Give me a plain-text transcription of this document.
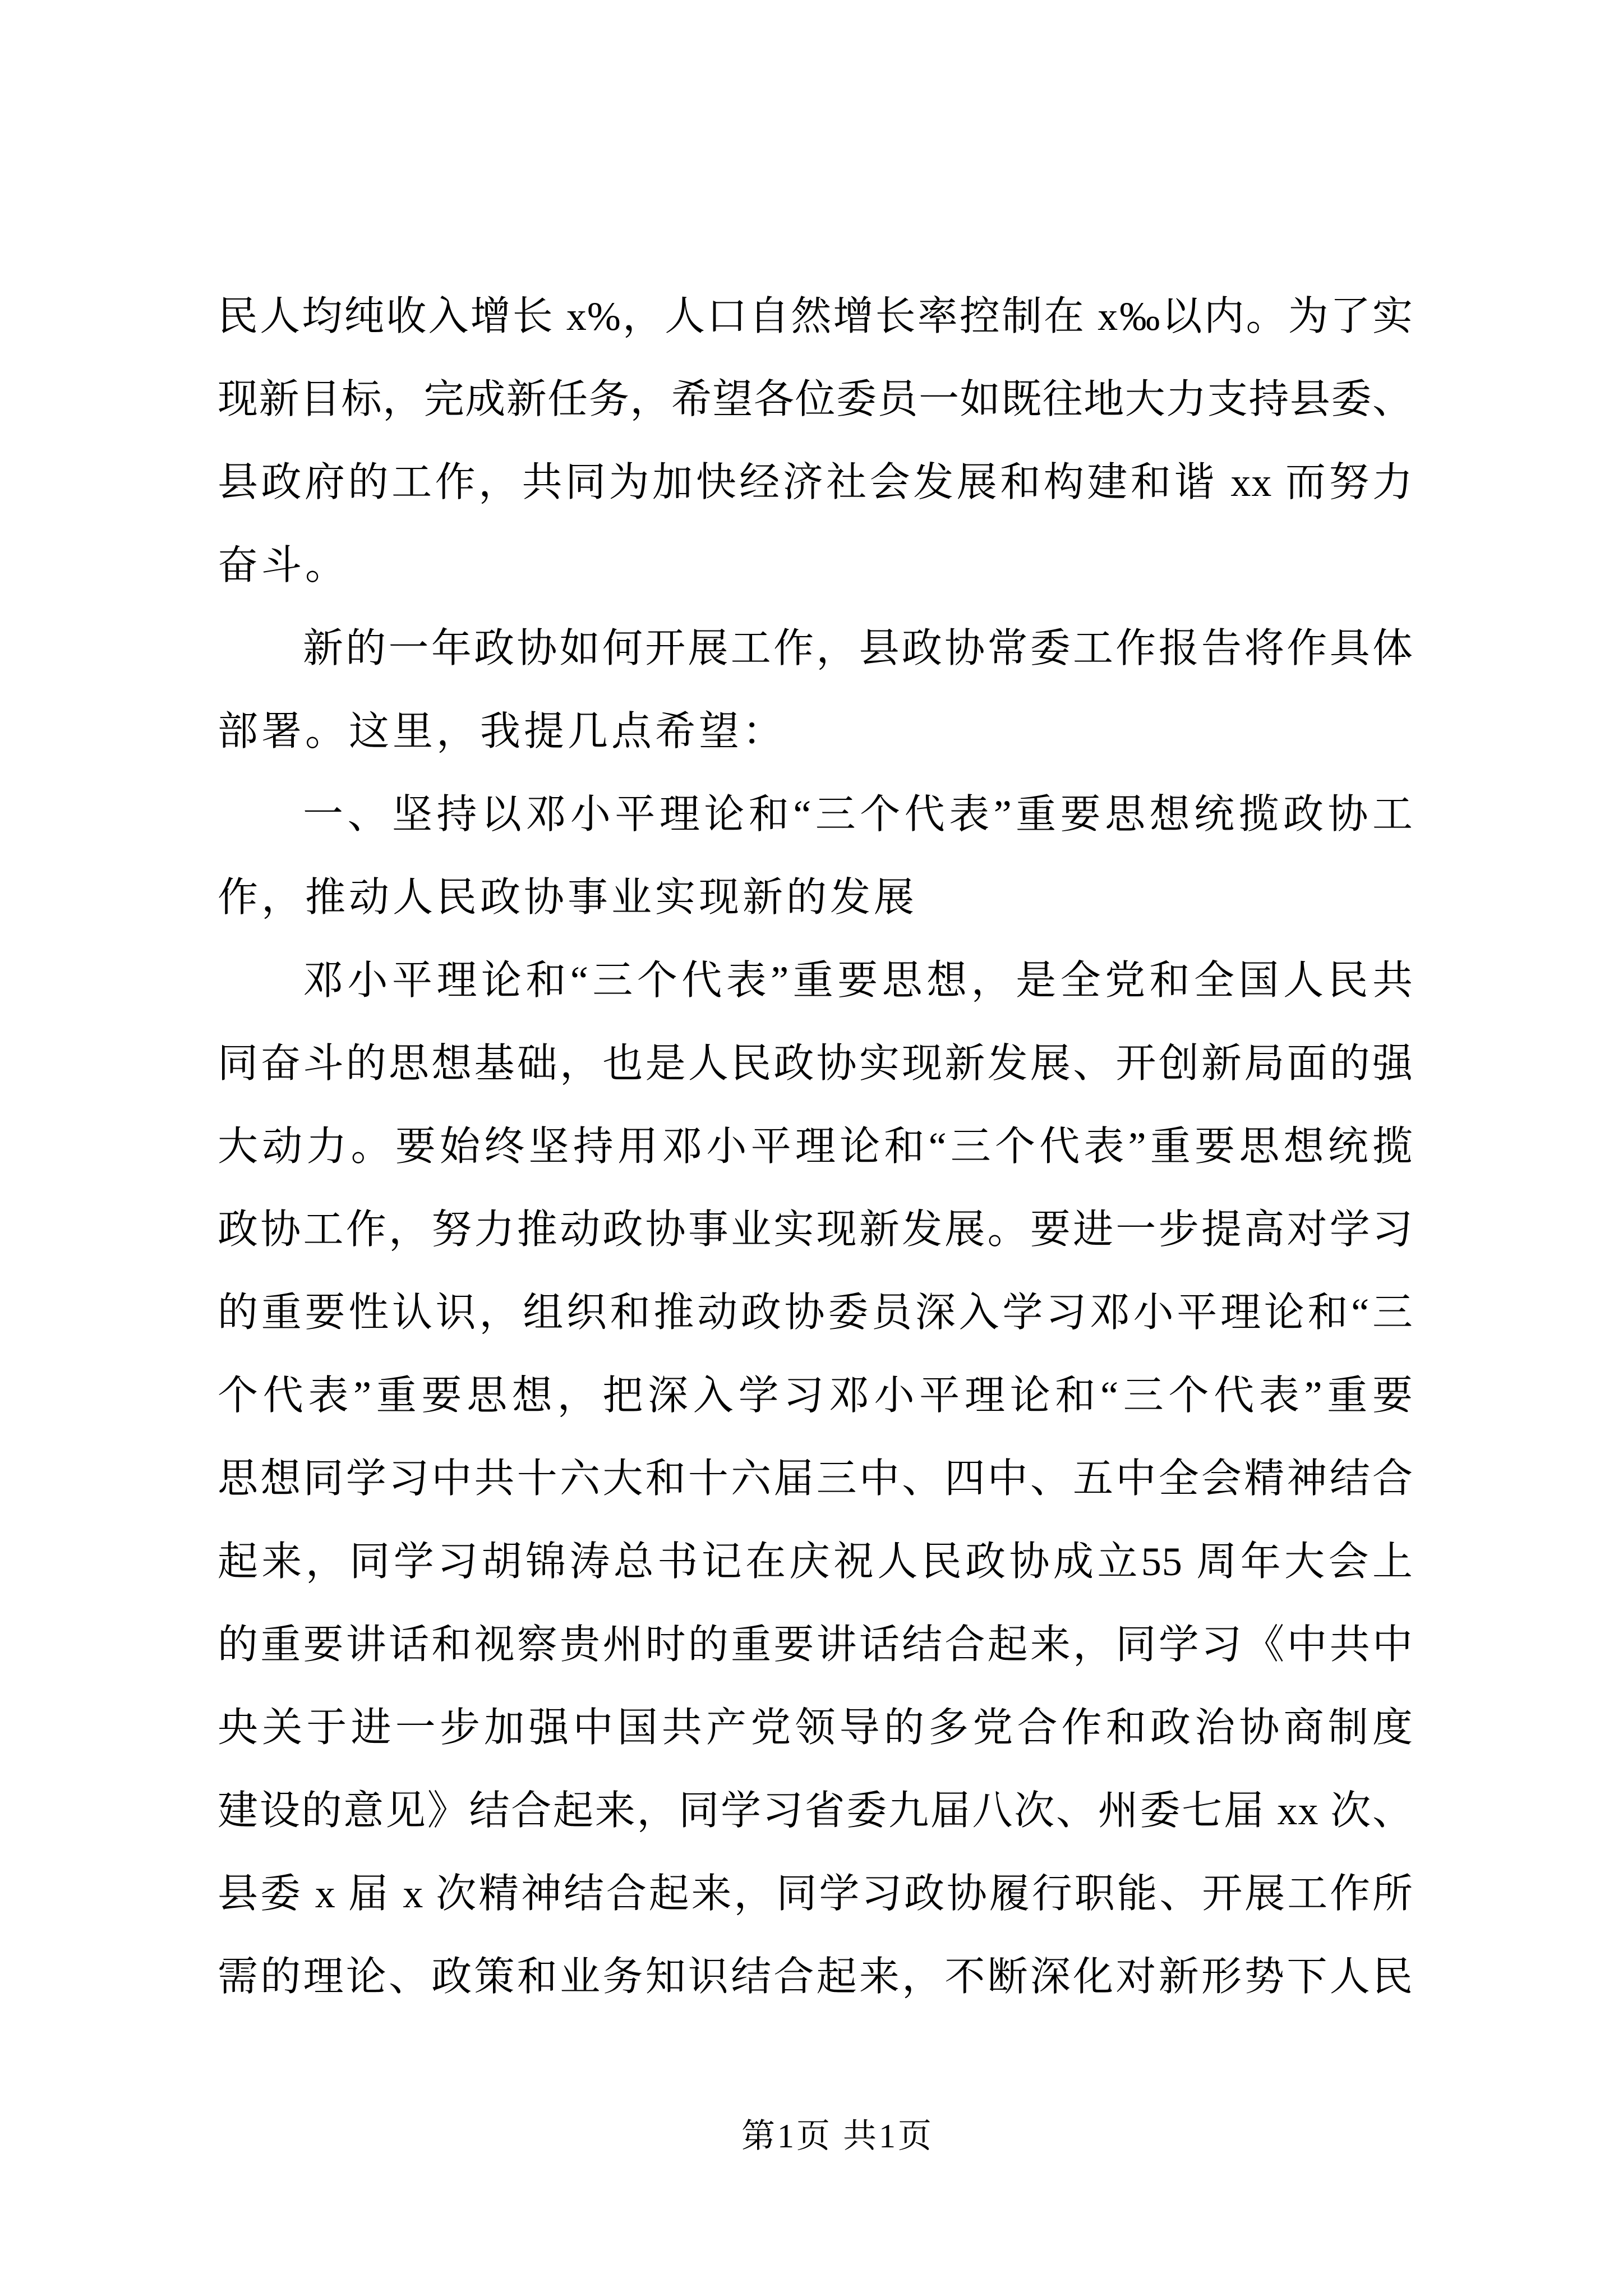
民人均纯收入增长 x%，人口自然增长率控制在 x‰以内。为了实
现新目标，完成新任务，希望各位委员一如既往地大力支持县委、
县政府的工作，共同为加快经济社会发展和构建和谐 xx 而努力
奋斗。
新的一年政协如何开展工作，县政协常委工作报告将作具体
部署。这里，我提几点希望：
一、坚持以邓小平理论和“三个代表”重要思想统揽政协工
作，推动人民政协事业实现新的发展
邓小平理论和“三个代表”重要思想，是全党和全国人民共
同奋斗的思想基础，也是人民政协实现新发展、开创新局面的强
大动力。要始终坚持用邓小平理论和“三个代表”重要思想统揽
政协工作，努力推动政协事业实现新发展。要进一步提高对学习
的重要性认识，组织和推动政协委员深入学习邓小平理论和“三
个代表”重要思想，把深入学习邓小平理论和“三个代表”重要
思想同学习中共十六大和十六届三中、四中、五中全会精神结合
起来，同学习胡锦涛总书记在庆祝人民政协成立55 周年大会上
的重要讲话和视察贵州时的重要讲话结合起来，同学习《中共中
央关于进一步加强中国共产党领导的多党合作和政治协商制度
建设的意见》结合起来，同学习省委九届八次、州委七届 xx 次、
县委 x 届 x 次精神结合起来，同学习政协履行职能、开展工作所
需的理论、政策和业务知识结合起来，不断深化对新形势下人民
第1页 共1页
